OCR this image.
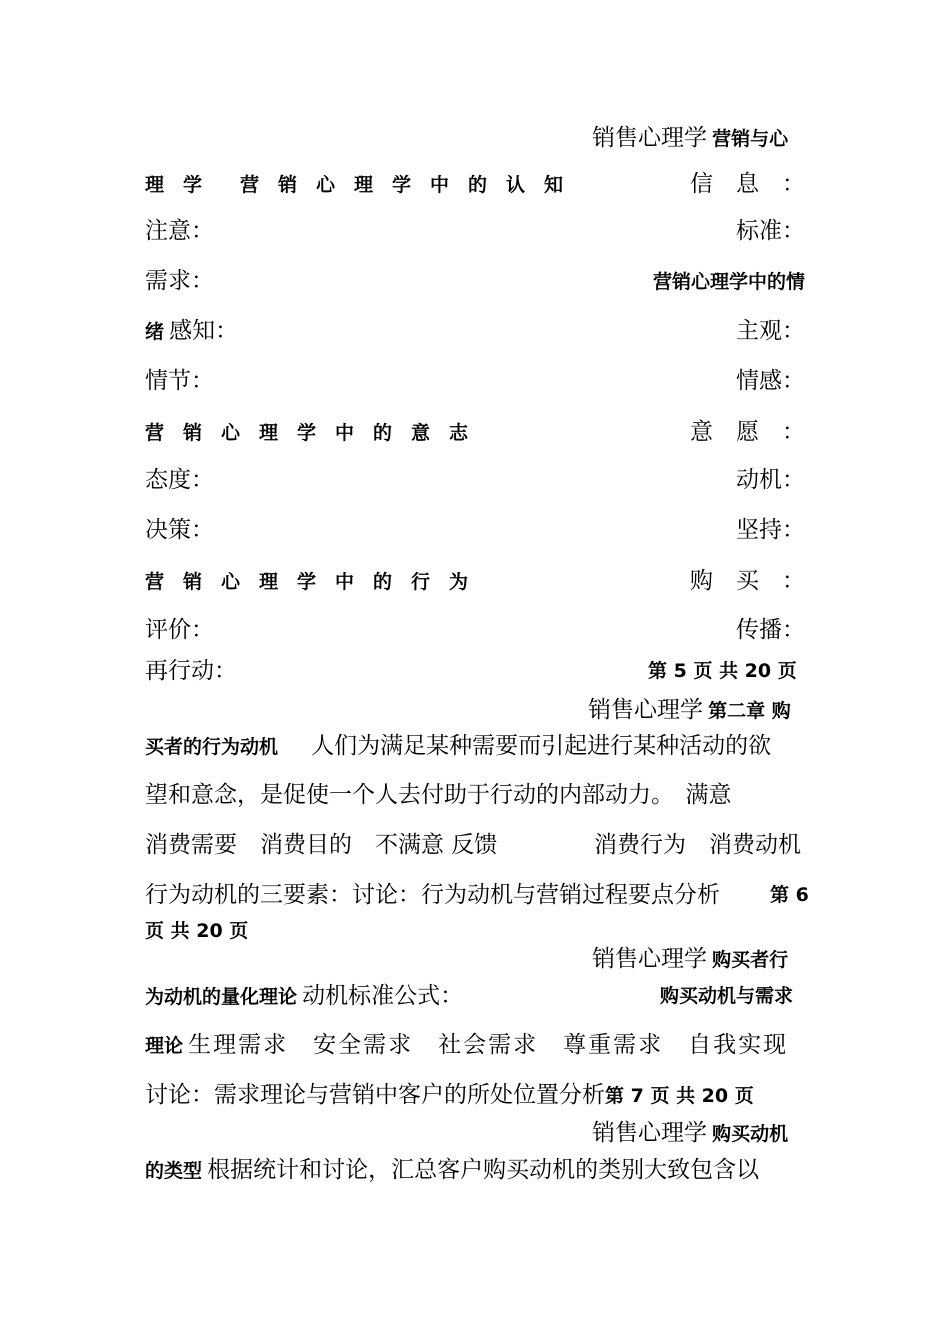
销售心理学 营销与心
理　学　　营　销　心　理　学　中　的　认　知	信　息　：
注意：	标准：
需求：	营销心理学中的情
绪 感知：	主观：
情节：	情感：
营　销　心　理　学　中　的　意　志	意　愿　：
态度：	动机：
决策：	坚持：
营　销　心　理　学　中　的　行　为	购　买　：
评价：	传播：
再行动：	第 5 页 共 20 页
销售心理学 第二章 购
买者的行为动机 人们为满足某种需要而引起进行某种活动的欲
望和意念，是促使一个人去付助于行动的内部动力。　满意
消费需要　消费目的　不满意 反馈	消费行为　消费动机
行为动机的三要素：讨论：行为动机与营销过程要点分析	第 6
页 共 20 页
销售心理学 购买者行
为动机的量化理论 动机标准公式：	购买动机与需求
理论 生理需求　安全需求　社会需求　尊重需求　自我实现
讨论：需求理论与营销中客户的所处位置分析第 7 页 共 20 页
销售心理学 购买动机
的类型 根据统计和讨论，汇总客户购买动机的类别大致包含以
